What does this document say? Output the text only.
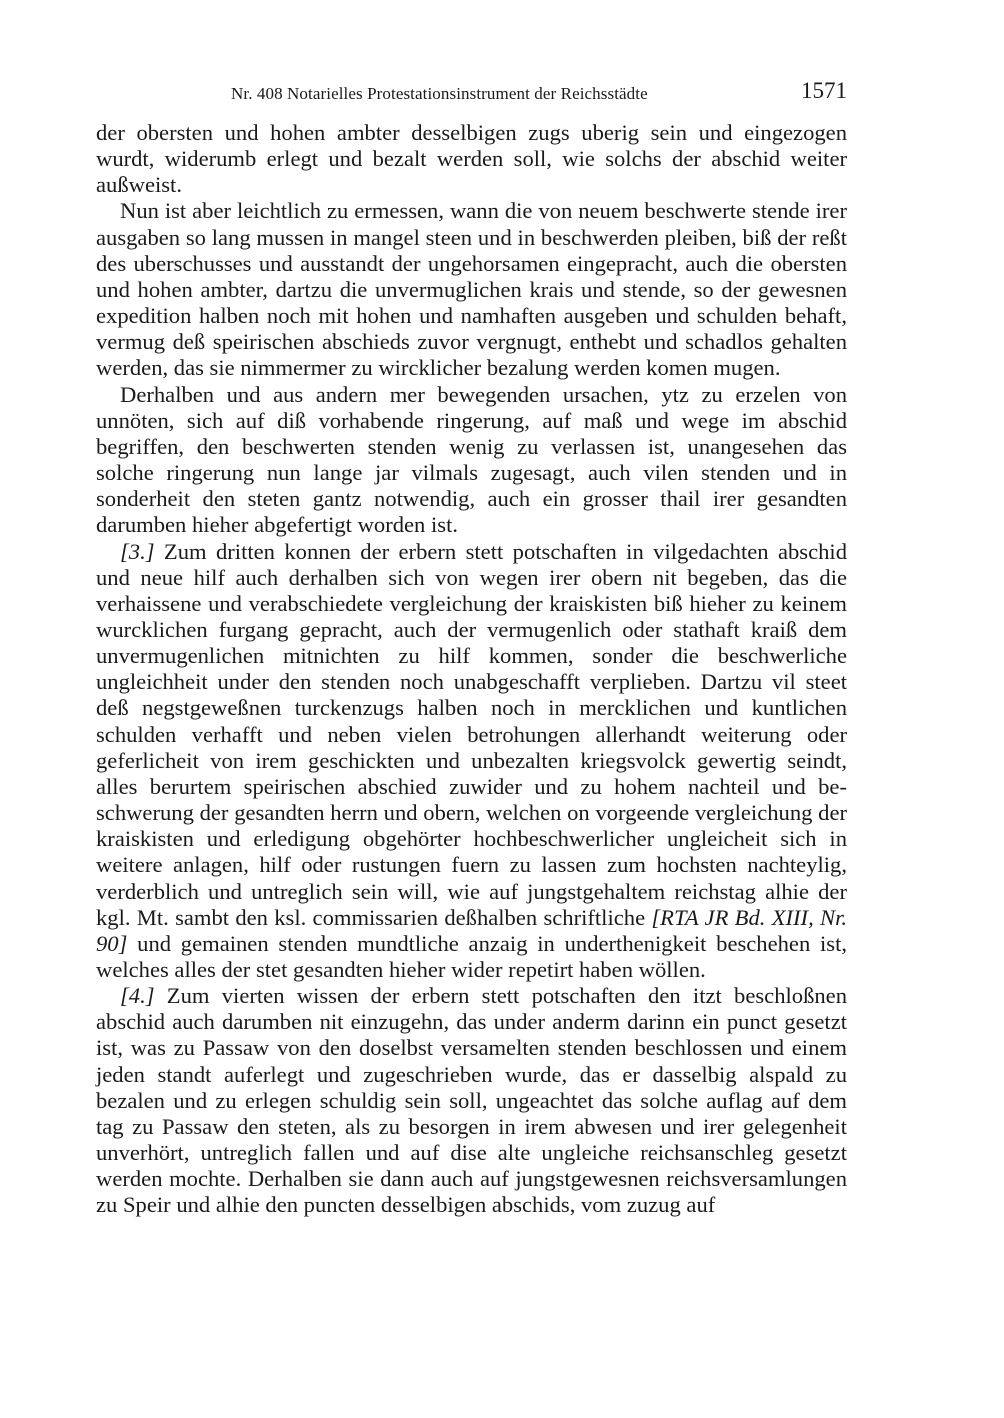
Nr. 408 Notarielles Protestationsinstrument der Reichsstädte	1571

der obersten und hohen ambter desselbigen zugs uberig sein und eingezogen wurdt, widerumb erlegt und bezalt werden soll, wie solchs der abschid weiter außweist.

Nun ist aber leichtlich zu ermessen, wann die von neuem beschwerte stende irer ausgaben so lang mussen in mangel steen und in beschwerden pleiben, biß der reßt des uberschusses und ausstandt der ungehorsamen eingepracht, auch die obersten und hohen ambter, dartzu die unvermuglichen krais und stende, so der gewesnen expedition halben noch mit hohen und namhaften ausgeben und schulden behaft, vermug deß speirischen abschieds zuvor vergnugt, enthebt und schadlos gehalten werden, das sie nimmermer zu wircklicher bezalung werden komen mugen.

Derhalben und aus andern mer bewegenden ursachen, ytz zu erzelen von unnöten, sich auf diß vorhabende ringerung, auf maß und wege im abschid begriffen, den beschwerten stenden wenig zu verlassen ist, unangesehen das solche ringerung nun lange jar vilmals zugesagt, auch vilen stenden und in sonderheit den steten gantz notwendig, auch ein grosser thail irer gesandten darumben hieher abgefertigt worden ist.

[3.] Zum dritten konnen der erbern stett potschaften in vilgedachten abschid und neue hilf auch derhalben sich von wegen irer obern nit begeben, das die verhaissene und verabschiedete vergleichung der kraiskisten biß hieher zu keinem wurcklichen furgang gepracht, auch der vermugenlich oder stathaft kraiß dem unvermugenlichen mitnichten zu hilf kommen, sonder die beschwerliche ungleichheit under den stenden noch unabgeschafft verplieben. Dartzu vil steet deß negstgeweßnen turckenzugs halben noch in mercklichen und kuntlichen schulden verhafft und neben vielen betrohungen allerhandt weiterung oder geferlicheit von irem geschickten und unbezalten kriegsvolck gewertig seindt, alles berurtem speirischen abschied zuwider und zu hohem nachteil und beschwerung der gesandten herrn und obern, welchen on vorgeende vergleichung der kraiskisten und erledigung obgehörter hochbeschwerlicher ungleicheit sich in weitere anlagen, hilf oder rustungen fuern zu lassen zum hochsten nachteylig, verderblich und untreglich sein will, wie auf jungstgehaltem reichstag alhie der kgl. Mt. sambt den ksl. commissarien deßhalben schriftliche [RTA JR Bd. XIII, Nr. 90] und gemainen stenden mundtliche anzaig in underthenigkeit beschehen ist, welches alles der stet gesandten hieher wider repetirt haben wöllen.

[4.] Zum vierten wissen der erbern stett potschaften den itzt beschloßnen abschid auch darumben nit einzugehn, das under anderm darinn ein punct gesetzt ist, was zu Passaw von den doselbst versamelten stenden beschlossen und einem jeden standt auferlegt und zugeschrieben wurde, das er dasselbig alspald zu bezalen und zu erlegen schuldig sein soll, ungeachtet das solche auflag auf dem tag zu Passaw den steten, als zu besorgen in irem abwesen und irer gelegenheit unverhört, untreglich fallen und auf dise alte ungleiche reichsanschleg gesetzt werden mochte. Derhalben sie dann auch auf jungstgewesnen reichsversamlungen zu Speir und alhie den puncten desselbigen abschids, vom zuzug auf
